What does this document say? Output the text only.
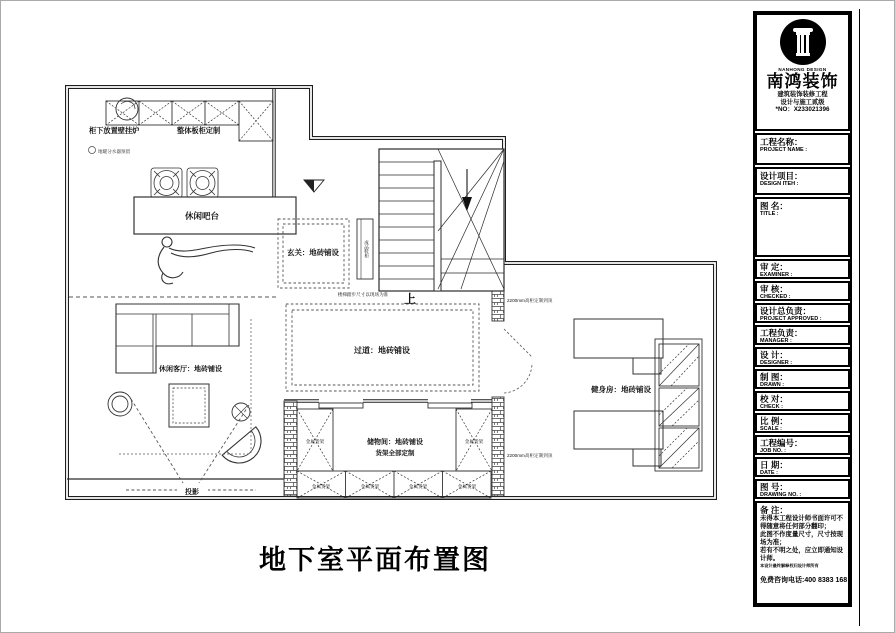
地暖分水器预留
柜下放置壁挂炉	整体板柜定制
休闲吧台
玄关：地砖铺设	成品鞋柜
楼梯踏步尺寸以现场为准 上
过道：地砖铺设
休闲客厅：地砖铺设
投影
金属货架	金属货架
金属货架	金属货架	金属货架	金属货架
储物间：地砖铺设
货架全部定制
2200mm高柜定制到顶
2200mm高柜定制到顶
健身房：地砖铺设
地下室平面布置图
NANHONG DESIGN
南鸿装饰
建筑装饰装修工程
设计与施工贰级
*NO：X233021396
工程名称：
PROJECT NAME :
设计项目：
DESIGN ITEH :
图 名：
TITLE :
审 定：
EXAMINER :
审 核：
CHECKED :
设计总负责：
PROJECT APPROVED :
工程负责：
MANAGER :
设 计：
DESIGNER :
制 图：
DRAWN :
校 对：
CHECK :
比 例：
SCALE :
工程编号：
JOB NO. :
日 期：
DATE :
图 号：
DRAWING NO. :
备 注：
未得本工程设计师书面许可不得随意将任何部分翻印；
此图不作度量尺寸，尺寸按现场为准；
若有不明之处，应立即通知设计师。
本设计最终解释权归设计师所有
免费咨询电话:400 8383 168
